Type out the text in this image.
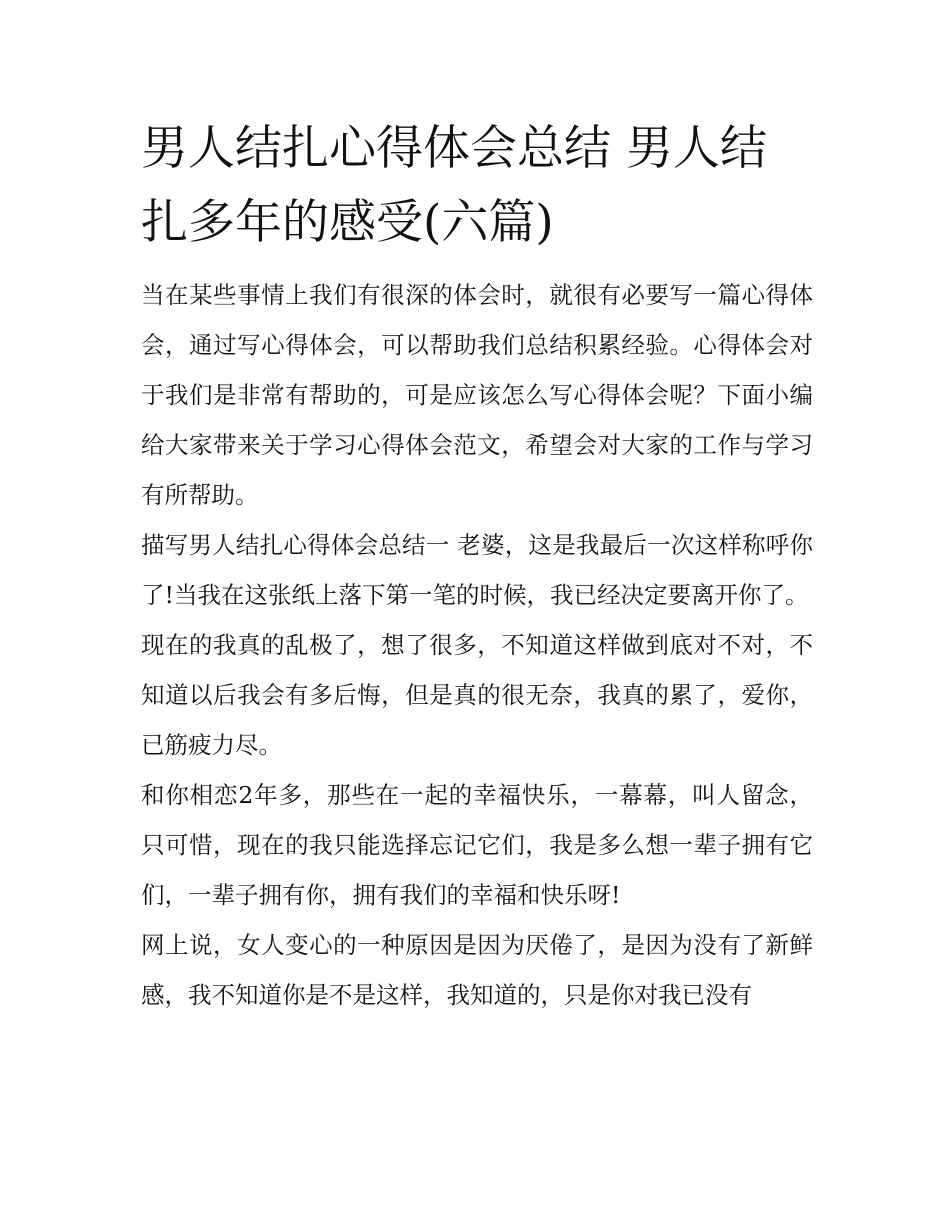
男人结扎心得体会总结 男人结扎多年的感受(六篇)

当在某些事情上我们有很深的体会时，就很有必要写一篇心得体会，通过写心得体会，可以帮助我们总结积累经验。心得体会对于我们是非常有帮助的，可是应该怎么写心得体会呢？下面小编给大家带来关于学习心得体会范文，希望会对大家的工作与学习有所帮助。

描写男人结扎心得体会总结一 老婆，这是我最后一次这样称呼你了!当我在这张纸上落下第一笔的时候，我已经决定要离开你了。

现在的我真的乱极了，想了很多，不知道这样做到底对不对，不知道以后我会有多后悔，但是真的很无奈，我真的累了，爱你，已筋疲力尽。

和你相恋2年多，那些在一起的幸福快乐，一幕幕，叫人留念，只可惜，现在的我只能选择忘记它们，我是多么想一辈子拥有它们，一辈子拥有你，拥有我们的幸福和快乐呀!

网上说，女人变心的一种原因是因为厌倦了，是因为没有了新鲜感，我不知道你是不是这样，我知道的，只是你对我已没有
